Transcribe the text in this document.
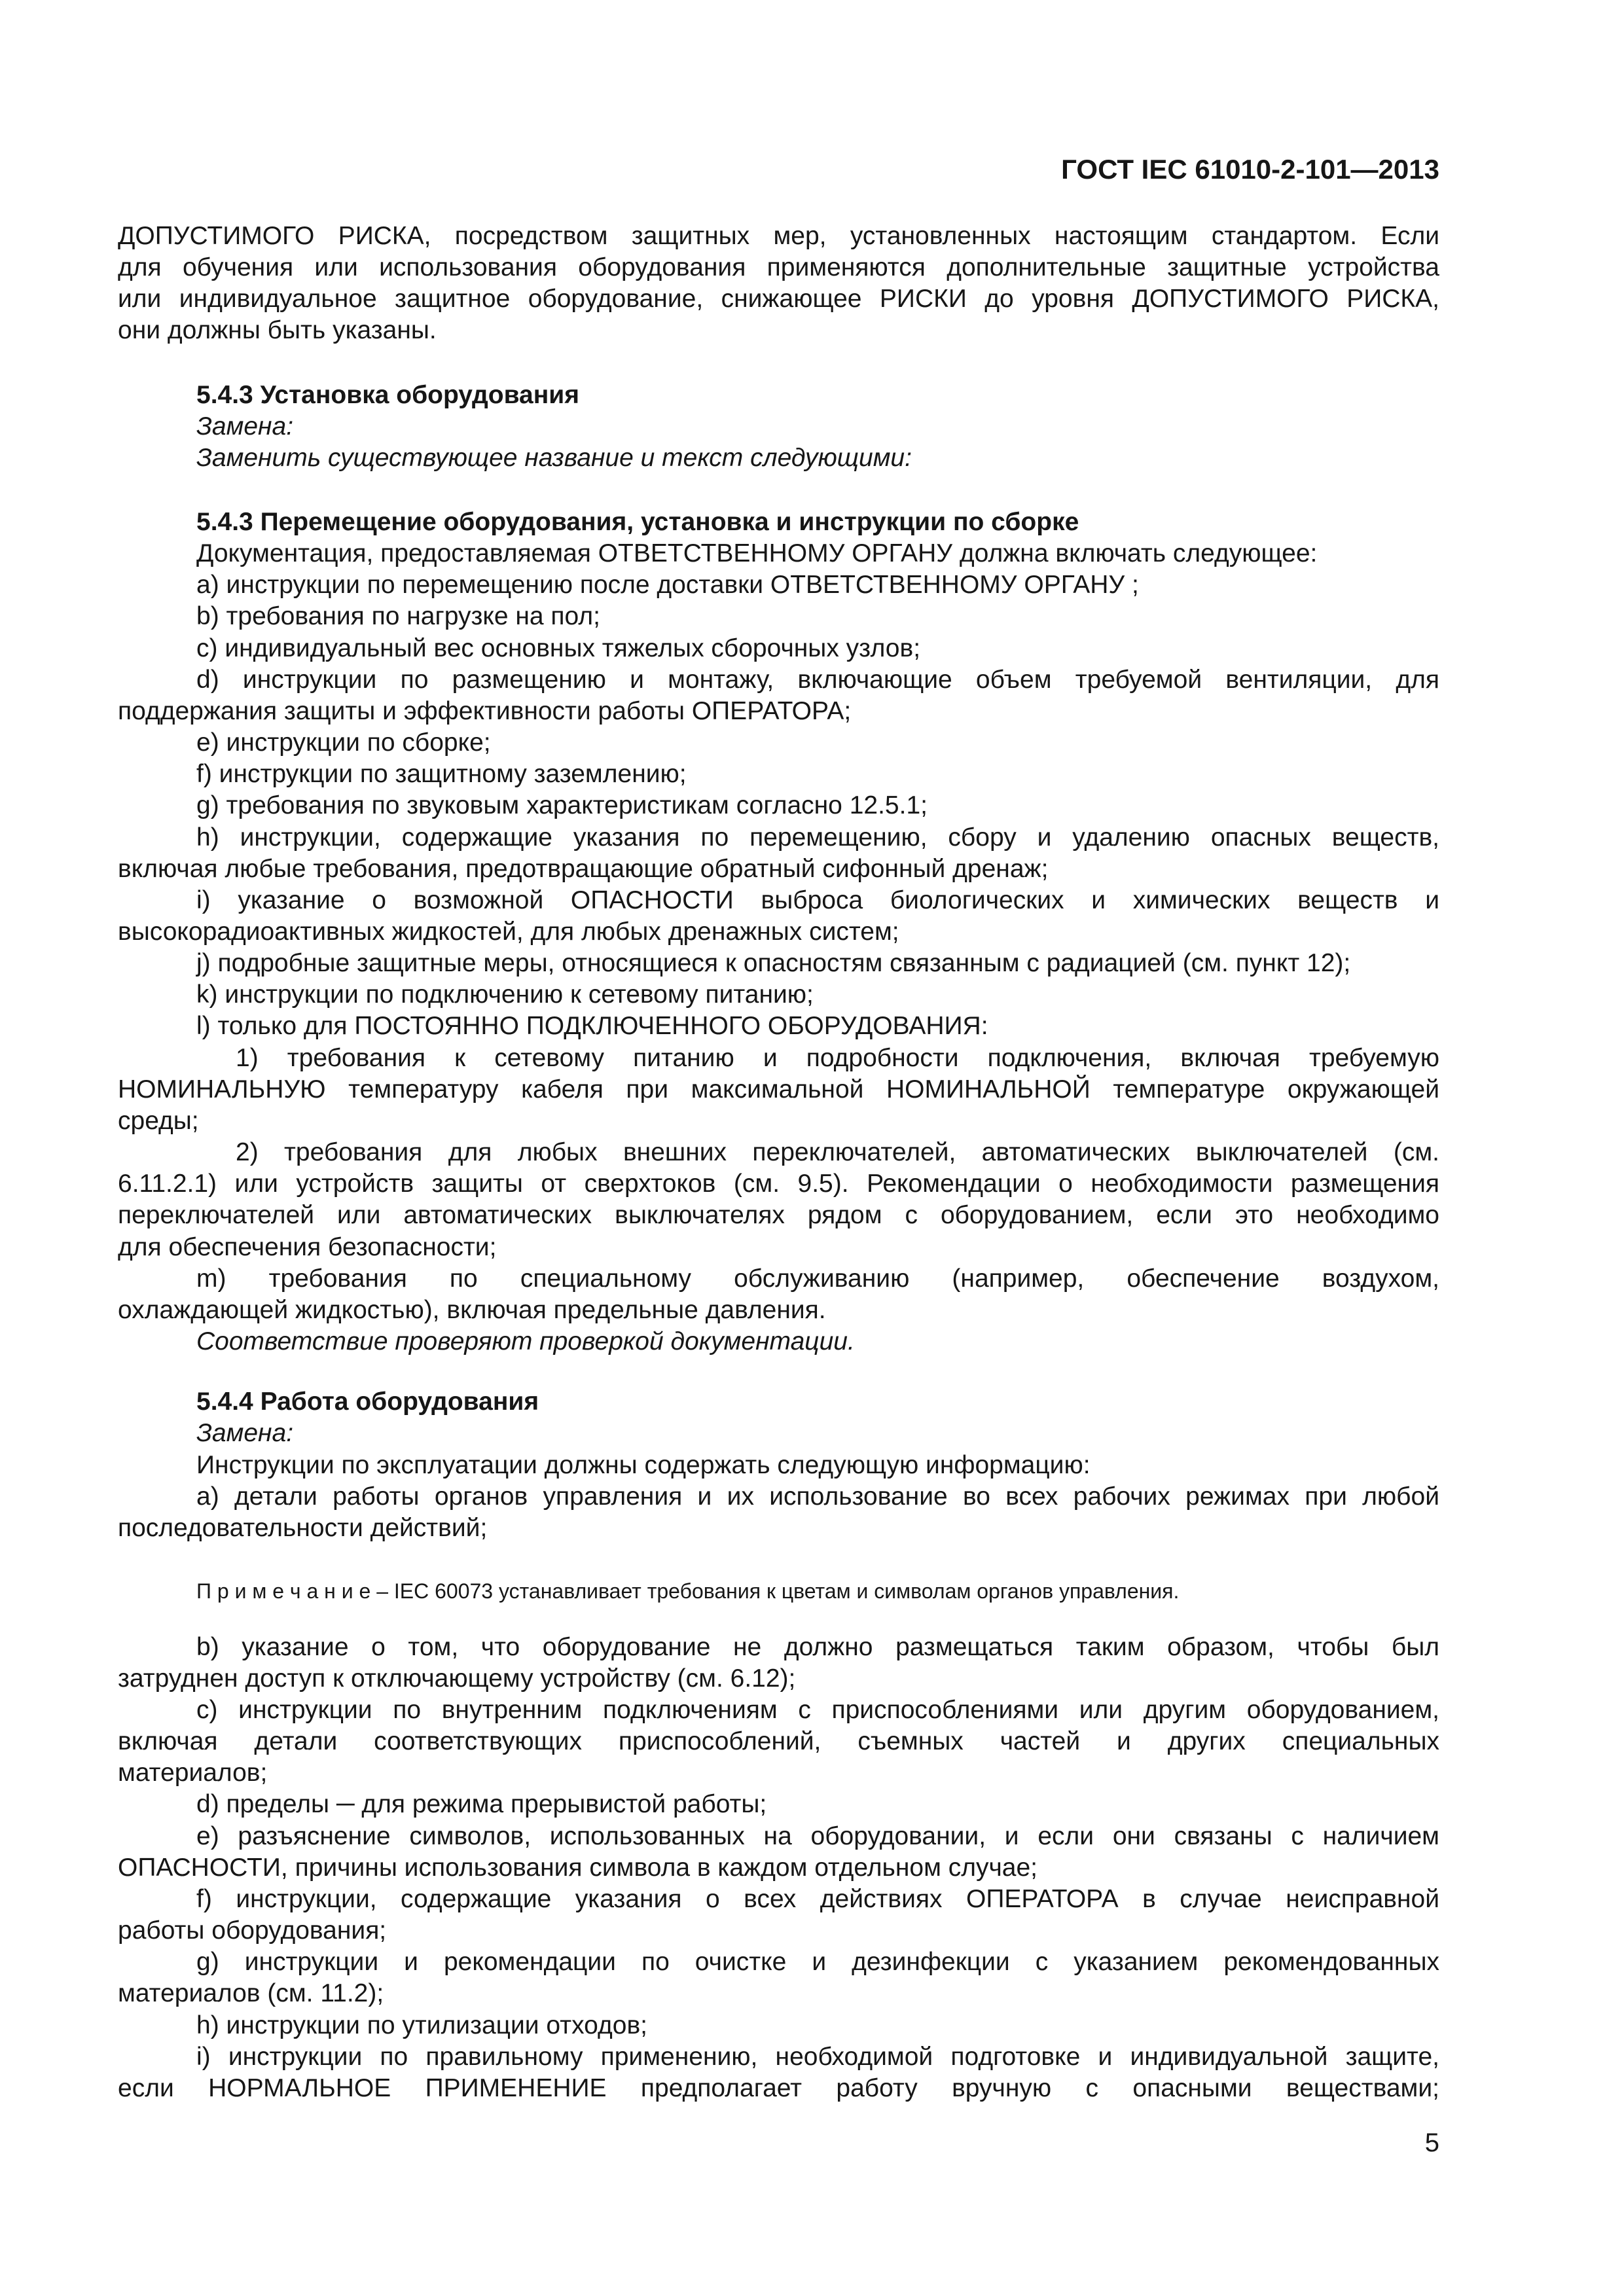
ГОСТ IEC 61010-2-101—2013
ДОПУСТИМОГО РИСКА, посредством защитных мер, установленных настоящим стандартом. Если
для обучения или использования оборудования применяются дополнительные защитные устройства
или индивидуальное защитное оборудование, снижающее РИСКИ до уровня ДОПУСТИМОГО РИСКА,
они должны быть указаны.
5.4.3 Установка оборудования
Замена:
Заменить существующее название и текст следующими:
5.4.3 Перемещение оборудования, установка и инструкции по сборке
Документация, предоставляемая ОТВЕТСТВЕННОМУ ОРГАНУ должна включать следующее:
a) инструкции по перемещению после доставки ОТВЕТСТВЕННОМУ ОРГАНУ ;
b) требования по нагрузке на пол;
c) индивидуальный вес основных тяжелых сборочных узлов;
d) инструкции по размещению и монтажу, включающие объем требуемой вентиляции, для
поддержания защиты и эффективности работы ОПЕРАТОРА;
e) инструкции по сборке;
f) инструкции по защитному заземлению;
g) требования по звуковым характеристикам согласно 12.5.1;
h) инструкции, содержащие указания по перемещению, сбору и удалению опасных веществ,
включая любые требования, предотвращающие обратный сифонный дренаж;
i) указание о возможной ОПАСНОСТИ выброса биологических и химических веществ и
высокорадиоактивных жидкостей, для любых дренажных систем;
j) подробные защитные меры, относящиеся к опасностям связанным с радиацией (см. пункт 12);
k) инструкции по подключению к сетевому питанию;
l) только для ПОСТОЯННО ПОДКЛЮЧЕННОГО ОБОРУДОВАНИЯ:
1) требования к сетевому питанию и подробности подключения, включая требуемую
НОМИНАЛЬНУЮ температуру кабеля при максимальной НОМИНАЛЬНОЙ температуре окружающей
среды;
2) требования для любых внешних переключателей, автоматических выключателей (см.
6.11.2.1) или устройств защиты от сверхтоков (см. 9.5). Рекомендации о необходимости размещения
переключателей или автоматических выключателях рядом с оборудованием, если это необходимо
для обеспечения безопасности;
m) требования по специальному обслуживанию (например, обеспечение воздухом,
охлаждающей жидкостью), включая предельные давления.
Соответствие проверяют проверкой документации.
5.4.4 Работа оборудования
Замена:
Инструкции по эксплуатации должны содержать следующую информацию:
a) детали работы органов управления и их использование во всех рабочих режимах при любой
последовательности действий;
П р и м е ч а н и е – IEC 60073 устанавливает требования к цветам и символам органов управления.
b) указание о том, что оборудование не должно размещаться таким образом, чтобы был
затруднен доступ к отключающему устройству (см. 6.12);
c) инструкции по внутренним подключениям с приспособлениями или другим оборудованием,
включая детали соответствующих приспособлений, съемных частей и других специальных
материалов;
d) пределы ─ для режима прерывистой работы;
e) разъяснение символов, использованных на оборудовании, и если они связаны с наличием
ОПАСНОСТИ, причины использования символа в каждом отдельном случае;
f) инструкции, содержащие указания о всех действиях ОПЕРАТОРА в случае неисправной
работы оборудования;
g) инструкции и рекомендации по очистке и дезинфекции с указанием рекомендованных
материалов (см. 11.2);
h) инструкции по утилизации отходов;
i) инструкции по правильному применению, необходимой подготовке и индивидуальной защите,
если НОРМАЛЬНОЕ ПРИМЕНЕНИЕ предполагает работу вручную с опасными веществами;
5
